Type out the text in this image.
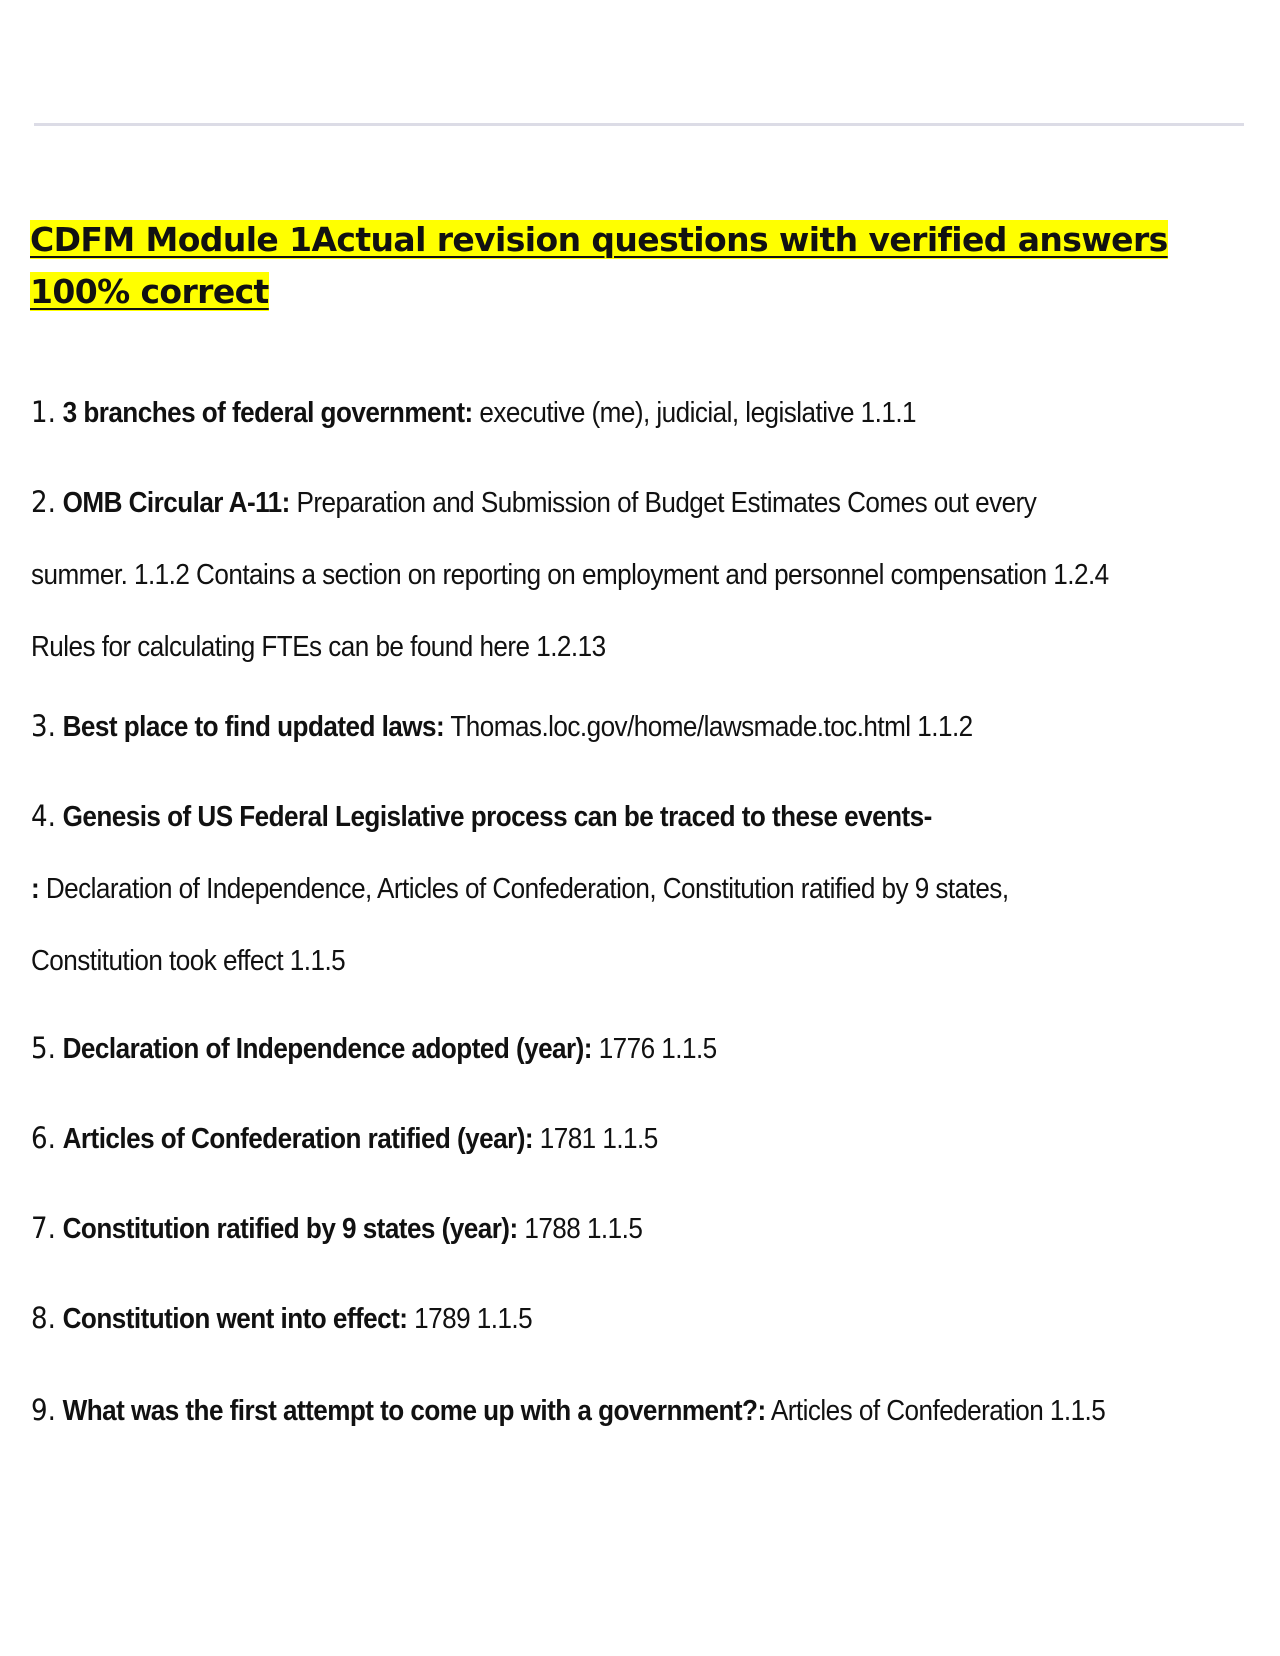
CDFM Module 1Actual revision questions with verified answers 100% correct

1. 3 branches of federal government: executive (me), judicial, legislative 1.1.1

2. OMB Circular A-11: Preparation and Submission of Budget Estimates Comes out every summer. 1.1.2 Contains a section on reporting on employment and personnel compensation 1.2.4 Rules for calculating FTEs can be found here 1.2.13

3. Best place to find updated laws: Thomas.loc.gov/home/lawsmade.toc.html 1.1.2

4. Genesis of US Federal Legislative process can be traced to these events-
: Declaration of Independence, Articles of Confederation, Constitution ratified by 9 states, Constitution took effect 1.1.5

5. Declaration of Independence adopted (year): 1776 1.1.5

6. Articles of Confederation ratified (year): 1781 1.1.5

7. Constitution ratified by 9 states (year): 1788 1.1.5

8. Constitution went into effect: 1789 1.1.5

9. What was the first attempt to come up with a government?: Articles of Confederation 1.1.5
